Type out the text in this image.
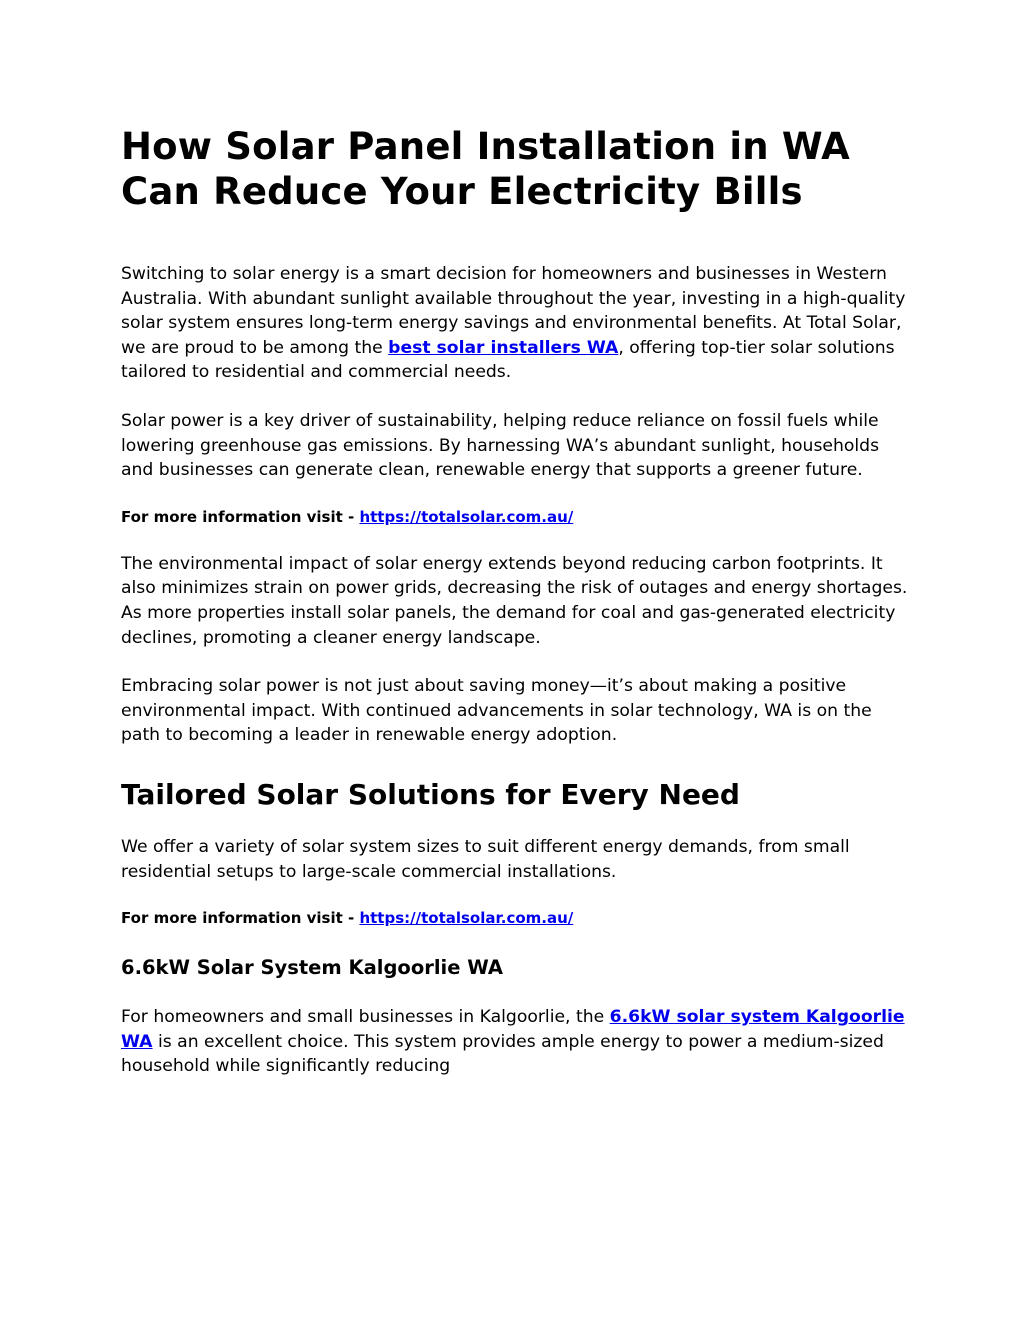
How Solar Panel Installation in WA Can Reduce Your Electricity Bills

Switching to solar energy is a smart decision for homeowners and businesses in Western Australia. With abundant sunlight available throughout the year, investing in a high-quality solar system ensures long-term energy savings and environmental benefits. At Total Solar, we are proud to be among the best solar installers WA, offering top-tier solar solutions tailored to residential and commercial needs.

Solar power is a key driver of sustainability, helping reduce reliance on fossil fuels while lowering greenhouse gas emissions. By harnessing WA’s abundant sunlight, households and businesses can generate clean, renewable energy that supports a greener future.

For more information visit - https://totalsolar.com.au/

The environmental impact of solar energy extends beyond reducing carbon footprints. It also minimizes strain on power grids, decreasing the risk of outages and energy shortages. As more properties install solar panels, the demand for coal and gas-generated electricity declines, promoting a cleaner energy landscape.

Embracing solar power is not just about saving money—it’s about making a positive environmental impact. With continued advancements in solar technology, WA is on the path to becoming a leader in renewable energy adoption.

Tailored Solar Solutions for Every Need

We offer a variety of solar system sizes to suit different energy demands, from small residential setups to large-scale commercial installations.

For more information visit - https://totalsolar.com.au/

6.6kW Solar System Kalgoorlie WA

For homeowners and small businesses in Kalgoorlie, the 6.6kW solar system Kalgoorlie WA is an excellent choice. This system provides ample energy to power a medium-sized household while significantly reducing
